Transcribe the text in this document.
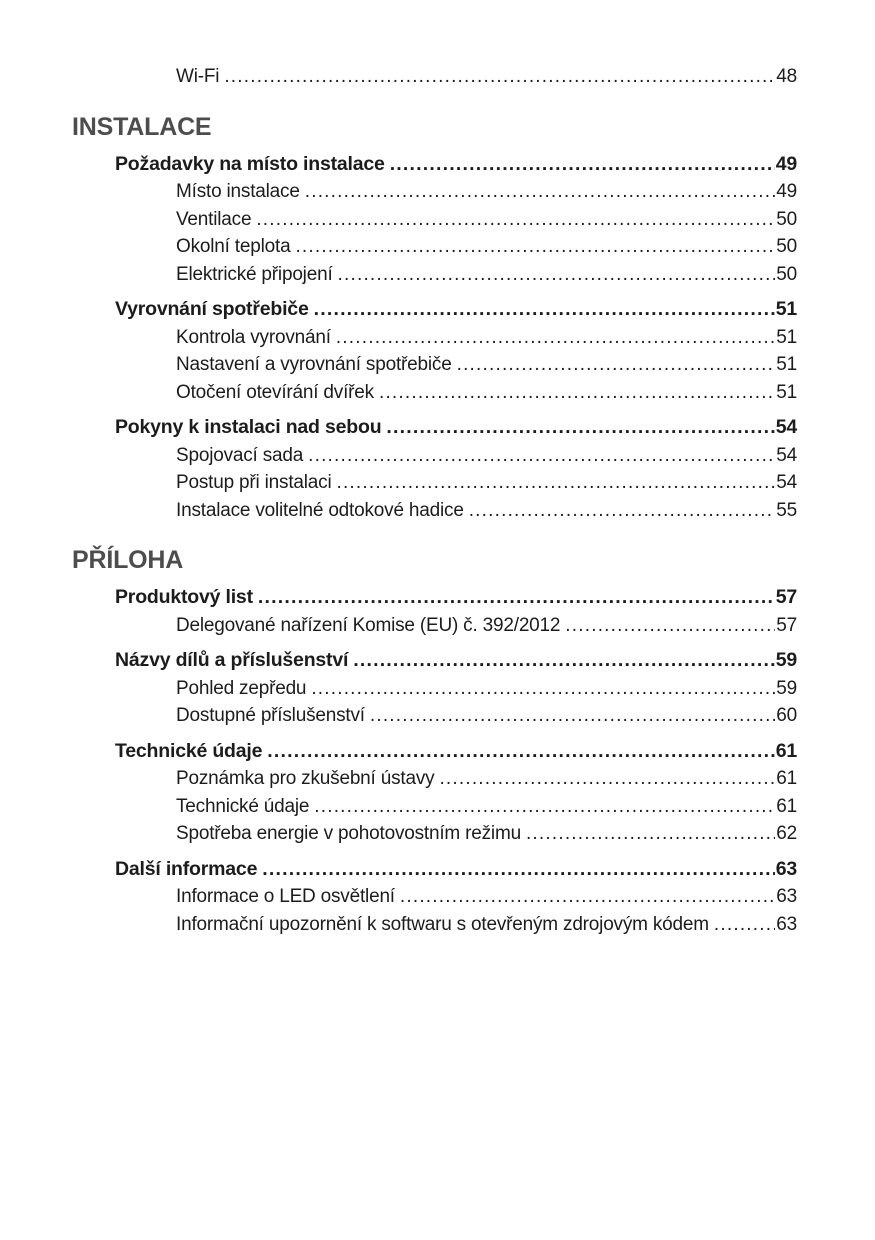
Wi-Fi .....	48
INSTALACE
Požadavky na místo instalace .....	49
Místo instalace .....	49
Ventilace .....	50
Okolní teplota .....	50
Elektrické připojení .....	50
Vyrovnání spotřebiče .....	51
Kontrola vyrovnání .....	51
Nastavení a vyrovnání spotřebiče .....	51
Otočení otevírání dvířek .....	51
Pokyny k instalaci nad sebou .....	54
Spojovací sada .....	54
Postup při instalaci .....	54
Instalace volitelné odtokové hadice .....	55
PŘÍLOHA
Produktový list .....	57
Delegované nařízení Komise (EU) č. 392/2012 .....	57
Názvy dílů a příslušenství .....	59
Pohled zepředu .....	59
Dostupné příslušenství .....	60
Technické údaje .....	61
Poznámka pro zkušební ústavy .....	61
Technické údaje .....	61
Spotřeba energie v pohotovostním režimu .....	62
Další informace .....	63
Informace o LED osvětlení .....	63
Informační upozornění k softwaru s otevřeným zdrojovým kódem .....	63
